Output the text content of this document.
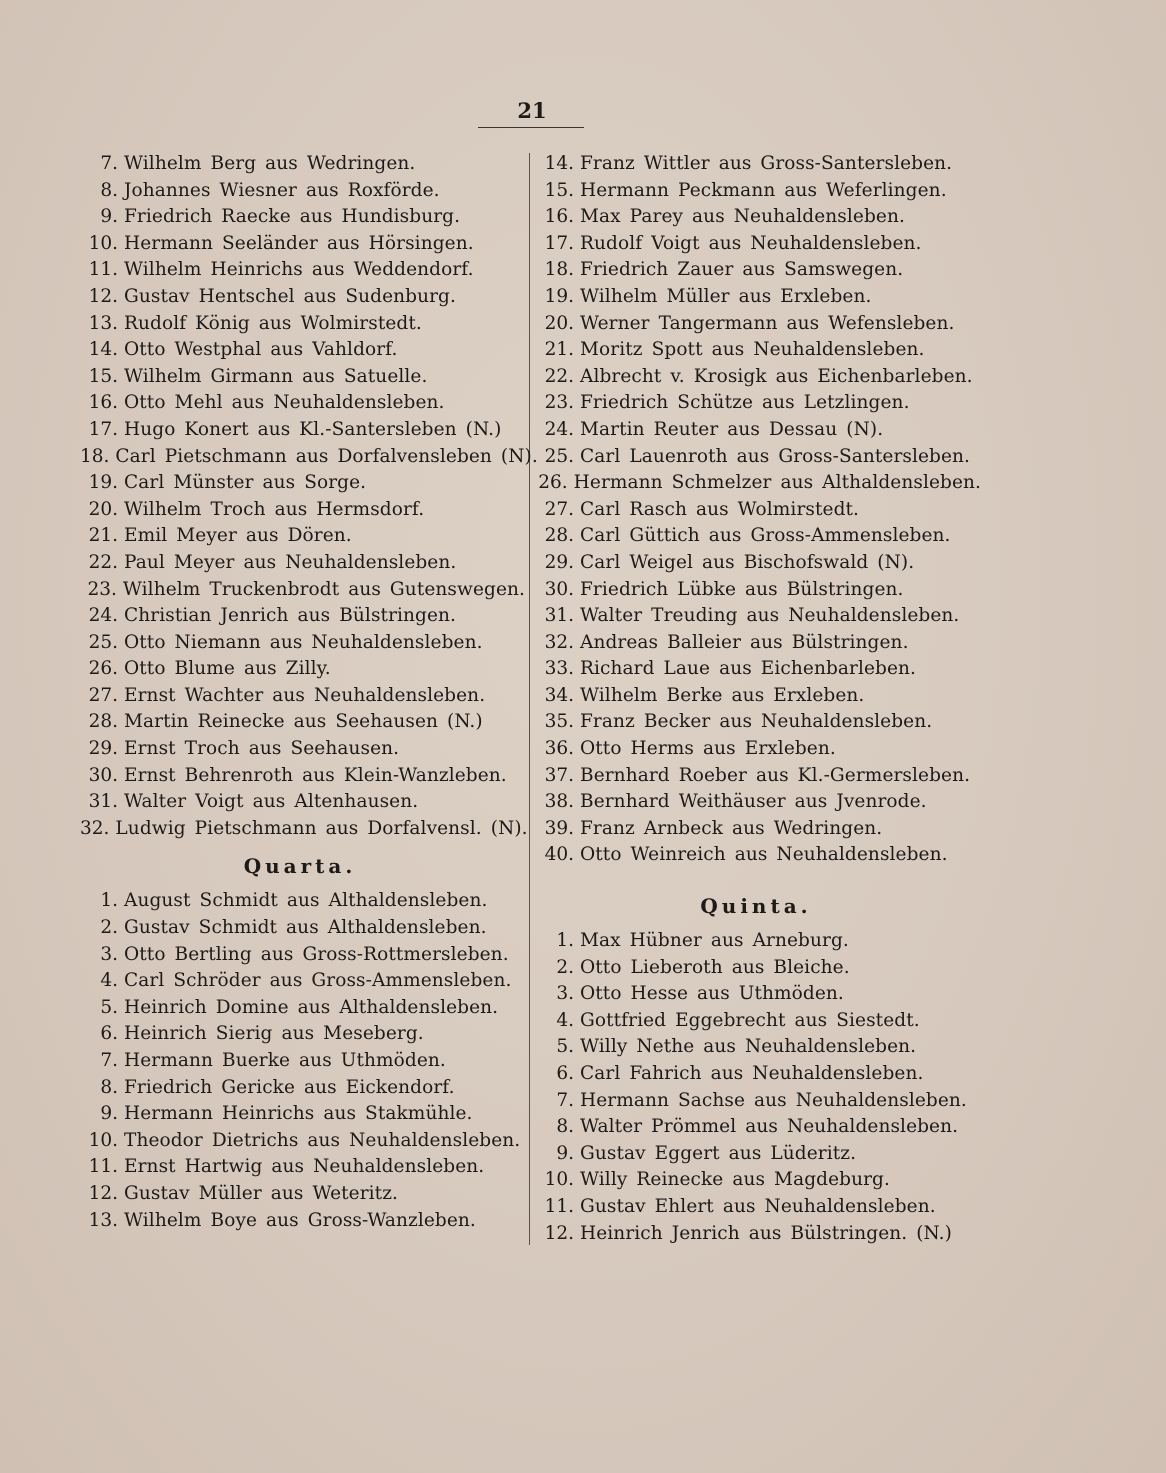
21
7. Wilhelm Berg aus Wedringen.
8. Johannes Wiesner aus Roxförde.
9. Friedrich Raecke aus Hundisburg.
10. Hermann Seeländer aus Hörsingen.
11. Wilhelm Heinrichs aus Weddendorf.
12. Gustav Hentschel aus Sudenburg.
13. Rudolf König aus Wolmirstedt.
14. Otto Westphal aus Vahldorf.
15. Wilhelm Girmann aus Satuelle.
16. Otto Mehl aus Neuhaldensleben.
17. Hugo Konert aus Kl.-Santersleben (N.)
18. Carl Pietschmann aus Dorfalvensleben (N).
19. Carl Münster aus Sorge.
20. Wilhelm Troch aus Hermsdorf.
21. Emil Meyer aus Dören.
22. Paul Meyer aus Neuhaldensleben.
23. Wilhelm Truckenbrodt aus Gutenswegen.
24. Christian Jenrich aus Bülstringen.
25. Otto Niemann aus Neuhaldensleben.
26. Otto Blume aus Zilly.
27. Ernst Wachter aus Neuhaldensleben.
28. Martin Reinecke aus Seehausen (N.)
29. Ernst Troch aus Seehausen.
30. Ernst Behrenroth aus Klein-Wanzleben.
31. Walter Voigt aus Altenhausen.
32. Ludwig Pietschmann aus Dorfalvensl. (N).
Quarta.
1. August Schmidt aus Althaldensleben.
2. Gustav Schmidt aus Althaldensleben.
3. Otto Bertling aus Gross-Rottmersleben.
4. Carl Schröder aus Gross-Ammensleben.
5. Heinrich Domine aus Althaldensleben.
6. Heinrich Sierig aus Meseberg.
7. Hermann Buerke aus Uthmöden.
8. Friedrich Gericke aus Eickendorf.
9. Hermann Heinrichs aus Stakmühle.
10. Theodor Dietrichs aus Neuhaldensleben.
11. Ernst Hartwig aus Neuhaldensleben.
12. Gustav Müller aus Weteritz.
13. Wilhelm Boye aus Gross-Wanzleben.
14. Franz Wittler aus Gross-Santersleben.
15. Hermann Peckmann aus Weferlingen.
16. Max Parey aus Neuhaldensleben.
17. Rudolf Voigt aus Neuhaldensleben.
18. Friedrich Zauer aus Samswegen.
19. Wilhelm Müller aus Erxleben.
20. Werner Tangermann aus Wefensleben.
21. Moritz Spott aus Neuhaldensleben.
22. Albrecht v. Krosigk aus Eichenbarleben.
23. Friedrich Schütze aus Letzlingen.
24. Martin Reuter aus Dessau (N).
25. Carl Lauenroth aus Gross-Santersleben.
26. Hermann Schmelzer aus Althaldensleben.
27. Carl Rasch aus Wolmirstedt.
28. Carl Güttich aus Gross-Ammensleben.
29. Carl Weigel aus Bischofswald (N).
30. Friedrich Lübke aus Bülstringen.
31. Walter Treuding aus Neuhaldensleben.
32. Andreas Balleier aus Bülstringen.
33. Richard Laue aus Eichenbarleben.
34. Wilhelm Berke aus Erxleben.
35. Franz Becker aus Neuhaldensleben.
36. Otto Herms aus Erxleben.
37. Bernhard Roeber aus Kl.-Germersleben.
38. Bernhard Weithäuser aus Jvenrode.
39. Franz Arnbeck aus Wedringen.
40. Otto Weinreich aus Neuhaldensleben.
Quinta.
1. Max Hübner aus Arneburg.
2. Otto Lieberoth aus Bleiche.
3. Otto Hesse aus Uthmöden.
4. Gottfried Eggebrecht aus Siestedt.
5. Willy Nethe aus Neuhaldensleben.
6. Carl Fahrich aus Neuhaldensleben.
7. Hermann Sachse aus Neuhaldensleben.
8. Walter Prömmel aus Neuhaldensleben.
9. Gustav Eggert aus Lüderitz.
10. Willy Reinecke aus Magdeburg.
11. Gustav Ehlert aus Neuhaldensleben.
12. Heinrich Jenrich aus Bülstringen. (N.)
